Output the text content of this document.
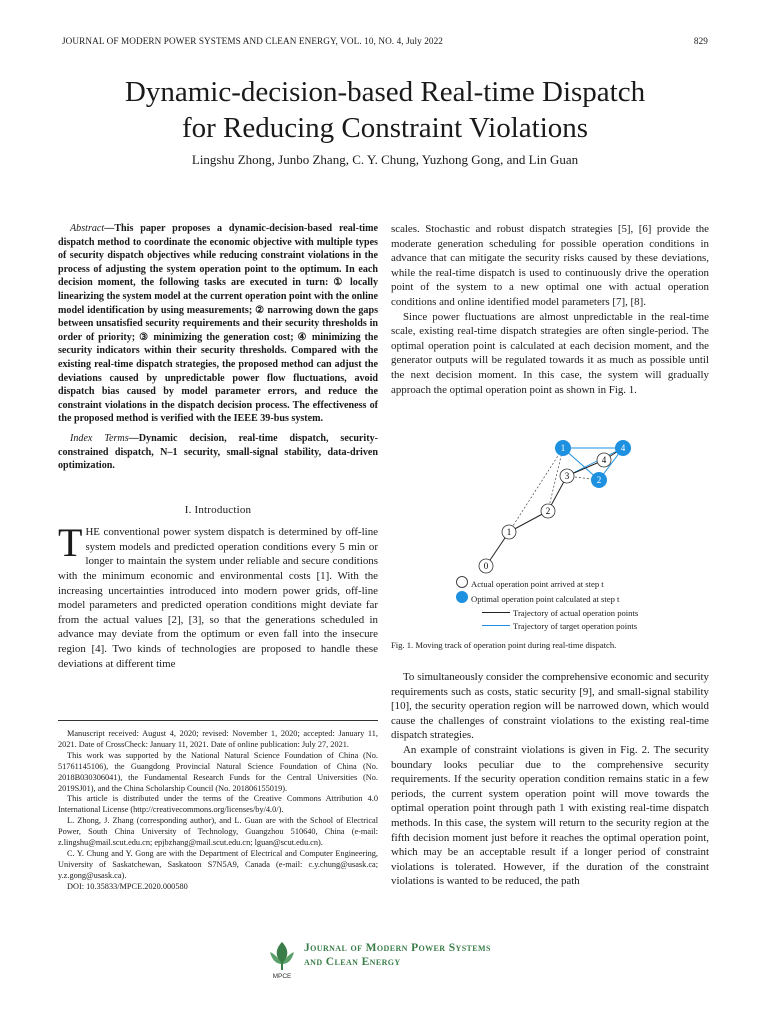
JOURNAL OF MODERN POWER SYSTEMS AND CLEAN ENERGY, VOL. 10, NO. 4, July 2022	829
Dynamic-decision-based Real-time Dispatch
for Reducing Constraint Violations
Lingshu Zhong, Junbo Zhang, C. Y. Chung, Yuzhong Gong, and Lin Guan

Abstract—This paper proposes a dynamic-decision-based real-time dispatch method to coordinate the economic objective with multiple types of security dispatch objectives while reducing constraint violations in the process of adjusting the system operation point to the optimum. In each decision moment, the following tasks are executed in turn: ① locally linearizing the system model at the current operation point with the online model identification by using measurements; ② narrowing down the gaps between unsatisfied security requirements and their security thresholds in order of priority; ③ minimizing the generation cost; ④ minimizing the security indicators within their security thresholds. Compared with the existing real-time dispatch strategies, the proposed method can adjust the deviations caused by unpredictable power flow fluctuations, avoid dispatch bias caused by model parameter errors, and reduce the constraint violations in the dispatch decision process. The effectiveness of the proposed method is verified with the IEEE 39-bus system.

Index Terms—Dynamic decision, real-time dispatch, security-constrained dispatch, N–1 security, small-signal stability, data-driven optimization.

I. Introduction

THE conventional power system dispatch is determined by off-line system models and predicted operation conditions every 5 min or longer to maintain the system under reliable and secure conditions with the minimum economic and environmental costs [1]. With the increasing uncertainties introduced into modern power grids, off-line model parameters and predicted operation conditions might deviate far from the actual values [2], [3], so that the generations scheduled in advance may deviate from the optimum or even fall into the insecure region [4]. Two kinds of technologies are proposed to handle these deviations at different time

Manuscript received: August 4, 2020; revised: November 1, 2020; accepted: January 11, 2021. Date of CrossCheck: January 11, 2021. Date of online publication: July 27, 2021.

This work was supported by the National Natural Science Foundation of China (No. 51761145106), the Guangdong Provincial Natural Science Foundation of China (No. 2018B030306041), the Fundamental Research Funds for the Central Universities (No. 2019SJ01), and the China Scholarship Council (No. 201806155019).

This article is distributed under the terms of the Creative Commons Attribution 4.0 International License (http://creativecommons.org/licenses/by/4.0/).

L. Zhong, J. Zhang (corresponding author), and L. Guan are with the School of Electrical Power, South China University of Technology, Guangzhou 510640, China (e-mail: z.lingshu@mail.scut.edu.cn; epjbzhang@mail.scut.edu.cn; lguan@scut.edu.cn).

C. Y. Chung and Y. Gong are with the Department of Electrical and Computer Engineering, University of Saskatchewan, Saskatoon S7N5A9, Canada (e-mail: c.y.chung@usask.ca; y.z.gong@usask.ca).

DOI: 10.35833/MPCE.2020.000580

scales. Stochastic and robust dispatch strategies [5], [6] provide the moderate generation scheduling for possible operation conditions in advance that can mitigate the security risks caused by these deviations, while the real-time dispatch is used to continuously drive the operation point of the system to a new optimal one with actual operation conditions and online identified model parameters [7], [8].

Since power fluctuations are almost unpredictable in the real-time scale, existing real-time dispatch strategies are often single-period. The optimal operation point is calculated at each decision moment, and the generator outputs will be regulated towards it as much as possible until the next decision moment. In this case, the system will gradually approach the optimal operation point as shown in Fig. 1.

0
1
2
3
4
1
2
4
Actual operation point arrived at step t
Optimal operation point calculated at step t
Trajectory of actual operation points
Trajectory of target operation points
Fig. 1. Moving track of operation point during real-time dispatch.

To simultaneously consider the comprehensive economic and security requirements such as costs, static security [9], and small-signal stability [10], the security operation region will be narrowed down, which would cause the challenges of constraint violations to the existing real-time dispatch strategies.

An example of constraint violations is given in Fig. 2. The security boundary looks peculiar due to the comprehensive security requirements. If the security operation condition remains static in a few periods, the current system operation point will move towards the optimal operation point through path 1 with existing real-time dispatch methods. In this case, the system will return to the security region at the fifth decision moment just before it reaches the optimal operation point, which may be an acceptable result if a longer period of constraint violations is tolerated. However, if the duration of the constraint violations is wanted to be reduced, the path

MPCE
Journal of Modern Power Systems
and Clean Energy
